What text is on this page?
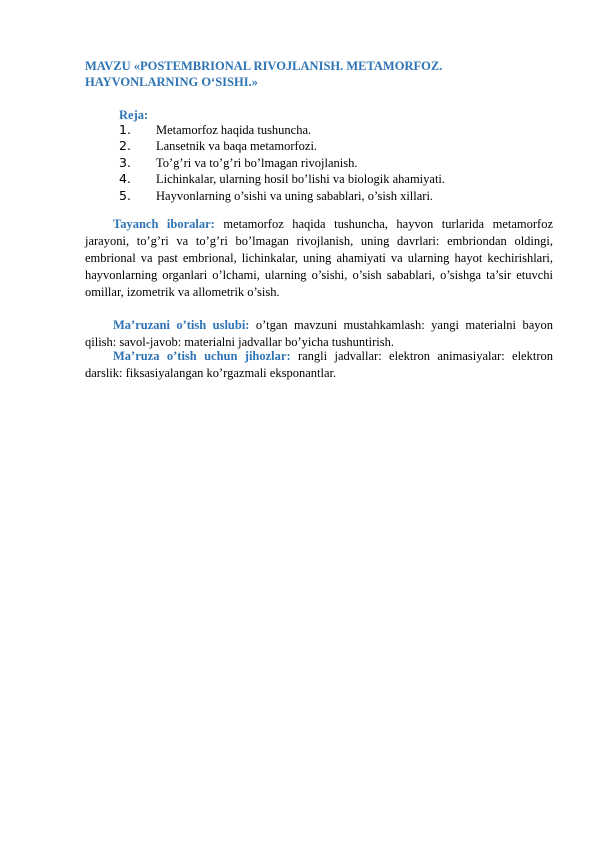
MAVZU «POSTEMBRIONAL RIVOJLANISH. METAMORFOZ.
HAYVONLARNING O‘SISHI.»
Reja:
1. Metamorfoz haqida tushuncha.
2. Lansetnik va baqa metamorfozi.
3. To’g’ri va to’g’ri bo’lmagan rivojlanish.
4. Lichinkalar, ularning hosil bo’lishi va biologik ahamiyati.
5. Hayvonlarning o’sishi va uning sabablari, o’sish xillari.
Tayanch iboralar: metamorfoz haqida tushuncha, hayvon turlarida metamorfoz jarayoni, to’g’ri va to’g’ri bo’lmagan rivojlanish, uning davrlari: embriondan oldingi, embrional va past embrional, lichinkalar, uning ahamiyati va ularning hayot kechirishlari, hayvonlarning organlari o’lchami, ularning o’sishi, o’sish sabablari, o’sishga ta’sir etuvchi omillar, izometrik va allometrik o’sish.
Ma’ruzani o’tish uslubi: o’tgan mavzuni mustahkamlash: yangi materialni bayon qilish: savol-javob: materialni jadvallar bo’yicha tushuntirish.
Ma’ruza o’tish uchun jihozlar: rangli jadvallar: elektron animasiyalar: elektron darslik: fiksasiyalangan ko’rgazmali eksponantlar.
